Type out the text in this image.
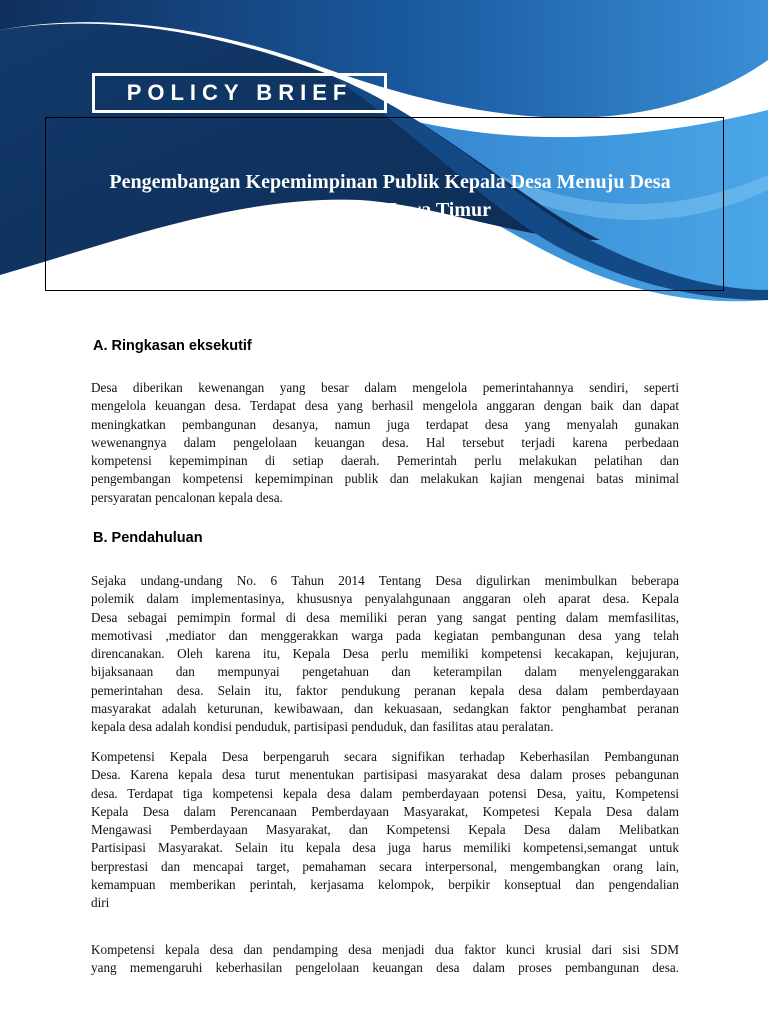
POLICY BRIEF
Pengembangan Kepemimpinan Publik Kepala Desa Menuju Desa
Mandiri di Jawa Timur
A. Ringkasan eksekutif
Desa diberikan kewenangan yang besar dalam mengelola pemerintahannya sendiri, seperti
mengelola keuangan desa. Terdapat desa yang berhasil mengelola anggaran dengan baik dan dapat
meningkatkan pembangunan desanya, namun juga terdapat desa yang menyalah gunakan
wewenangnya dalam pengelolaan keuangan desa. Hal tersebut terjadi karena perbedaan
kompetensi kepemimpinan di setiap daerah. Pemerintah perlu melakukan pelatihan dan
pengembangan kompetensi kepemimpinan publik dan melakukan kajian mengenai batas minimal
persyaratan pencalonan kepala desa.
B. Pendahuluan
Sejaka undang-undang No. 6 Tahun 2014 Tentang Desa digulirkan menimbulkan beberapa
polemik dalam implementasinya, khususnya penyalahgunaan anggaran oleh aparat desa. Kepala
Desa sebagai pemimpin formal di desa memiliki peran yang sangat penting dalam memfasilitas,
memotivasi ,mediator dan menggerakkan warga pada kegiatan pembangunan desa yang telah
direncanakan. Oleh karena itu, Kepala Desa perlu memiliki kompetensi kecakapan, kejujuran,
bijaksanaan dan mempunyai pengetahuan dan keterampilan dalam menyelenggarakan
pemerintahan desa. Selain itu, faktor pendukung peranan kepala desa dalam pemberdayaan
masyarakat adalah keturunan, kewibawaan, dan kekuasaan, sedangkan faktor penghambat peranan
kepala desa adalah kondisi penduduk, partisipasi penduduk, dan fasilitas atau peralatan.
Kompetensi Kepala Desa berpengaruh secara signifikan terhadap Keberhasilan Pembangunan
Desa. Karena kepala desa turut menentukan partisipasi masyarakat desa dalam proses pebangunan
desa. Terdapat tiga kompetensi kepala desa dalam pemberdayaan potensi Desa, yaitu, Kompetensi
Kepala Desa dalam Perencanaan Pemberdayaan Masyarakat, Kompetesi Kepala Desa dalam
Mengawasi Pemberdayaan Masyarakat, dan Kompetensi Kepala Desa dalam Melibatkan
Partisipasi Masyarakat. Selain itu kepala desa juga harus memiliki kompetensi,semangat untuk
berprestasi dan mencapai target, pemahaman secara interpersonal, mengembangkan orang lain,
kemampuan memberikan perintah, kerjasama kelompok, berpikir konseptual dan pengendalian
diri
Kompetensi kepala desa dan pendamping desa menjadi dua faktor kunci krusial dari sisi SDM
yang memengaruhi keberhasilan pengelolaan keuangan desa dalam proses pembangunan desa.
